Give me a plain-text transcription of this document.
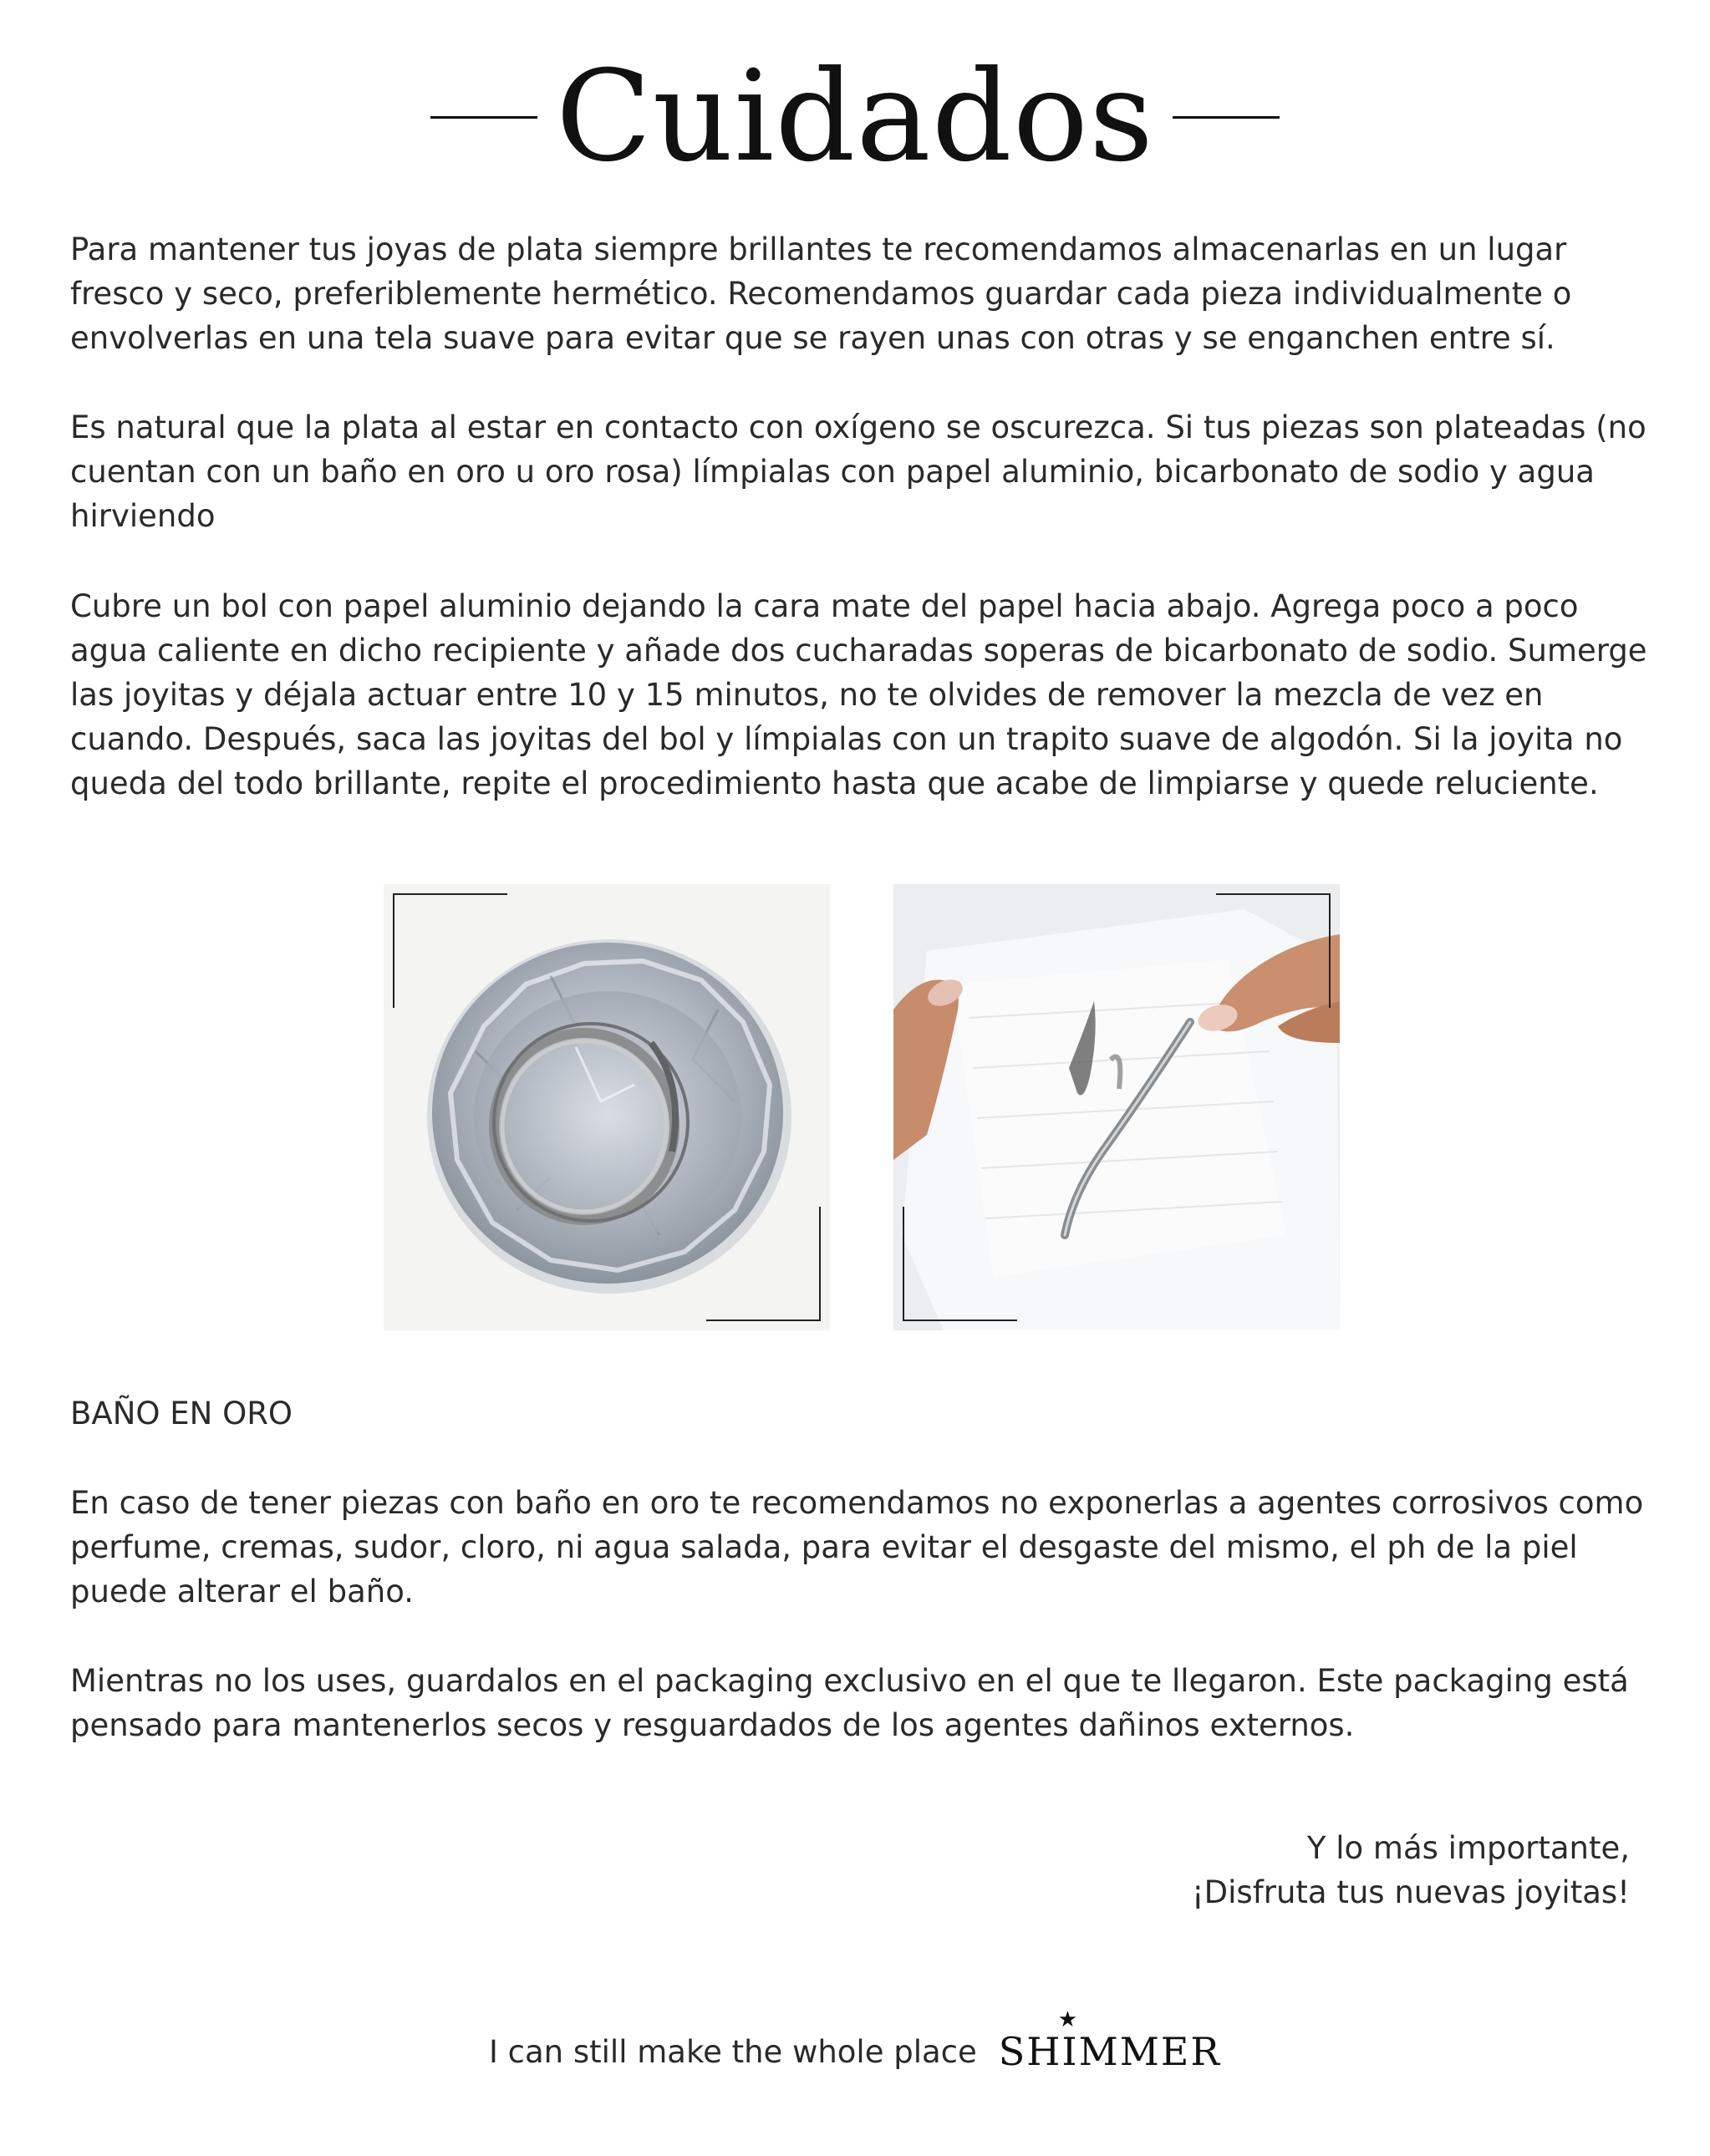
Cuidados

Para mantener tus joyas de plata siempre brillantes te recomendamos almacenarlas en un lugar fresco y seco, preferiblemente hermético. Recomendamos guardar cada pieza individualmente o envolverlas en una tela suave para evitar que se rayen unas con otras y se enganchen entre sí.

Es natural que la plata al estar en contacto con oxígeno se oscurezca. Si tus piezas son plateadas (no cuentan con un baño en oro u oro rosa) límpialas con papel aluminio, bicarbonato de sodio y agua hirviendo

Cubre un bol con papel aluminio dejando la cara mate del papel hacia abajo. Agrega poco a poco agua caliente en dicho recipiente y añade dos cucharadas soperas de bicarbonato de sodio. Sumerge las joyitas y déjala actuar entre 10 y 15 minutos, no te olvides de remover la mezcla de vez en cuando. Después, saca las joyitas del bol y límpialas con un trapito suave de algodón. Si la joyita no queda del todo brillante, repite el procedimiento hasta que acabe de limpiarse y quede reluciente.

BAÑO EN ORO

En caso de tener piezas con baño en oro te recomendamos no exponerlas a agentes corrosivos como perfume, cremas, sudor, cloro, ni agua salada, para evitar el desgaste del mismo, el ph de la piel puede alterar el baño.

Mientras no los uses, guardalos en el packaging exclusivo en el que te llegaron. Este packaging está pensado para mantenerlos secos y resguardados de los agentes dañinos externos.

Y lo más importante,
¡Disfruta tus nuevas joyitas!
I can still make the whole place SHIMMER
★
